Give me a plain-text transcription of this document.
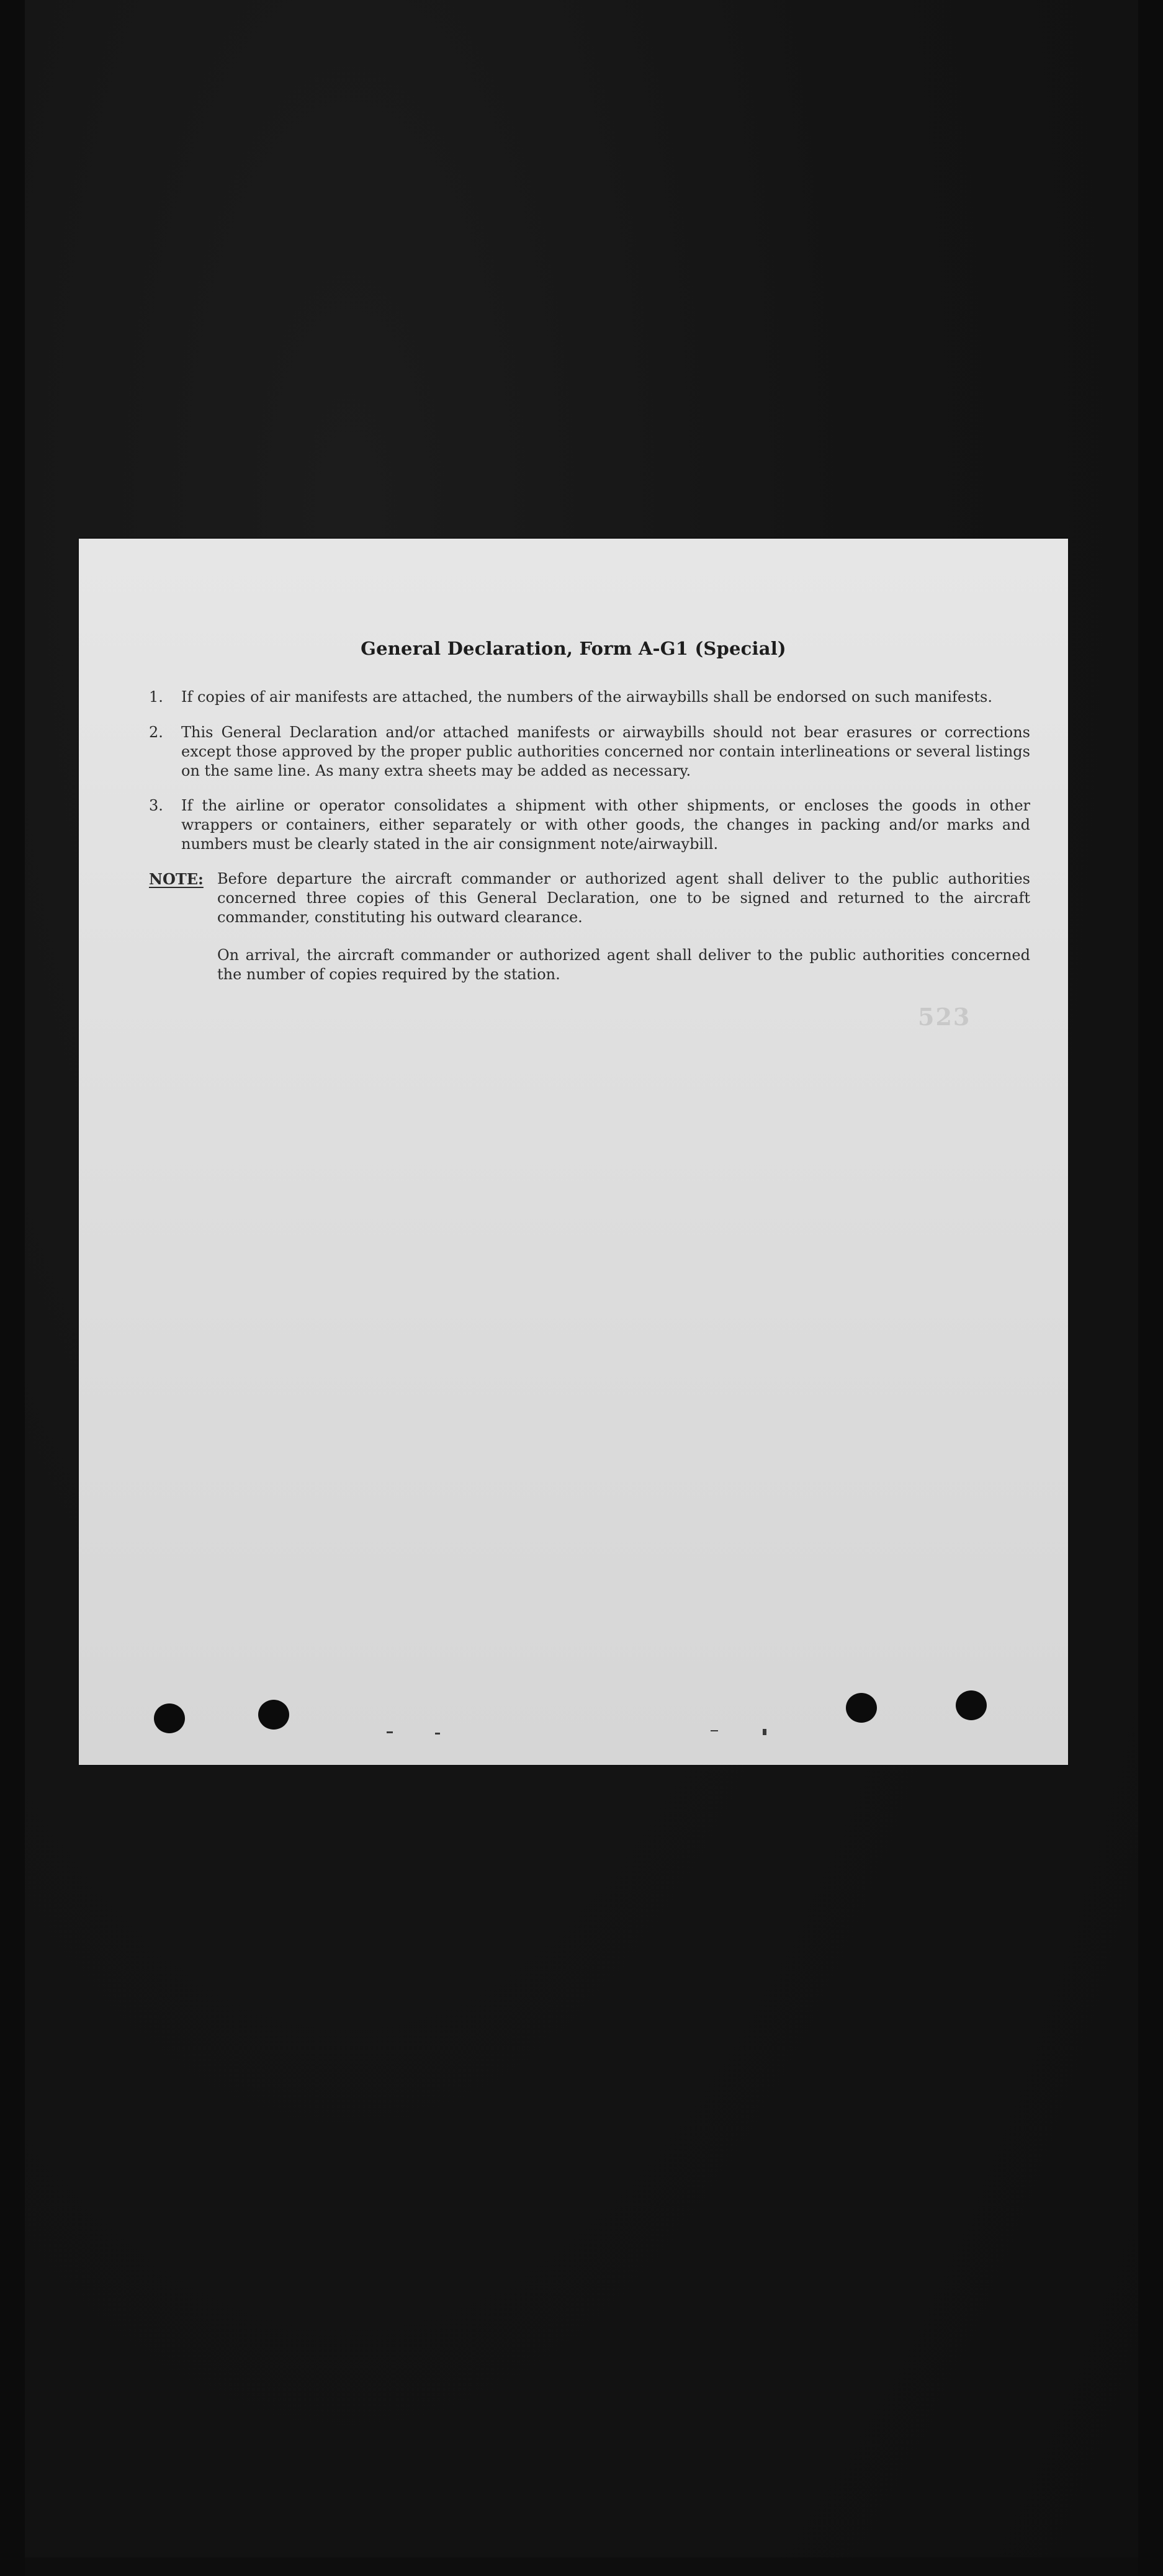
General Declaration, Form A-G1 (Special)
1.	If copies of air manifests are attached, the numbers of the airwaybills shall be endorsed on such manifests.
2.	This General Declaration and/or attached manifests or airwaybills should not bear erasures or corrections except those approved by the proper public authorities concerned nor contain interlineations or several listings on the same line. As many extra sheets may be added as necessary.
3.	If the airline or operator consolidates a shipment with other shipments, or encloses the goods in other wrappers or containers, either separately or with other goods, the changes in packing and/or marks and numbers must be clearly stated in the air consignment note/airwaybill.
NOTE: Before departure the aircraft commander or authorized agent shall deliver to the public authorities concerned three copies of this General Declaration, one to be signed and returned to the aircraft commander, constituting his outward clearance.
On arrival, the aircraft commander or authorized agent shall deliver to the public authorities concerned the number of copies required by the station.
523
